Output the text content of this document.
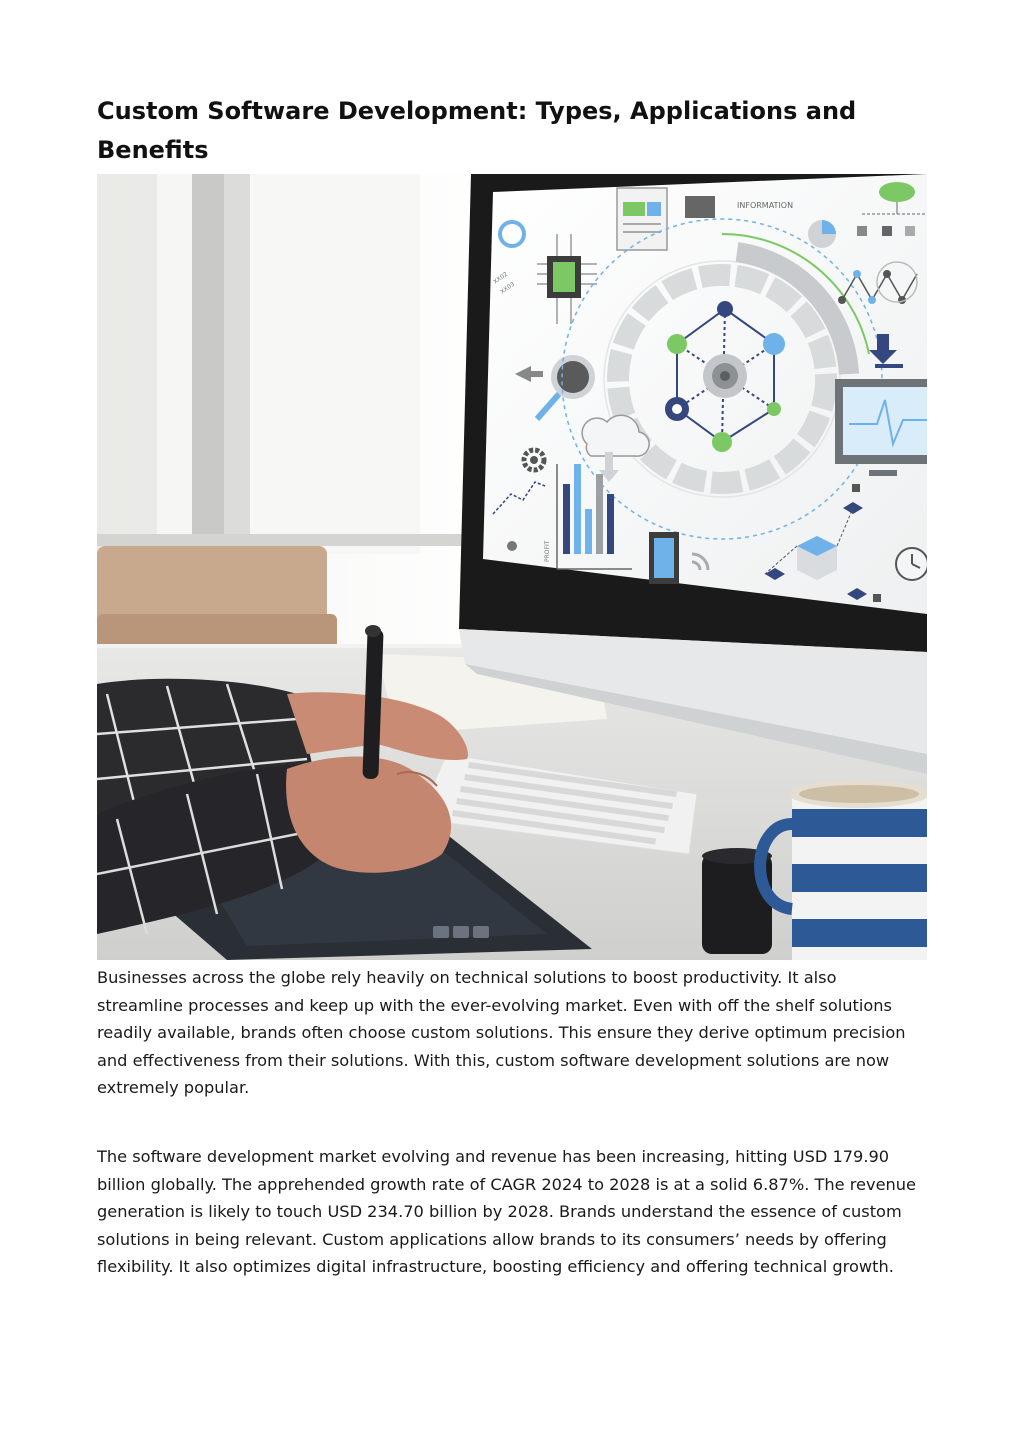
Custom Software Development: Types, Applications and Benefits
INFORMATION
XX02
XX03
PROFIT

Businesses across the globe rely heavily on technical solutions to boost productivity. It also streamline processes and keep up with the ever-evolving market. Even with off the shelf solutions readily available, brands often choose custom solutions. This ensure they derive optimum precision and effectiveness from their solutions. With this, custom software development solutions are now extremely popular.

The software development market evolving and revenue has been increasing, hitting USD 179.90 billion globally. The apprehended growth rate of CAGR 2024 to 2028 is at a solid 6.87%. The revenue generation is likely to touch USD 234.70 billion by 2028. Brands understand the essence of custom solutions in being relevant. Custom applications allow brands to its consumers’ needs by offering flexibility. It also optimizes digital infrastructure, boosting efficiency and offering technical growth.
